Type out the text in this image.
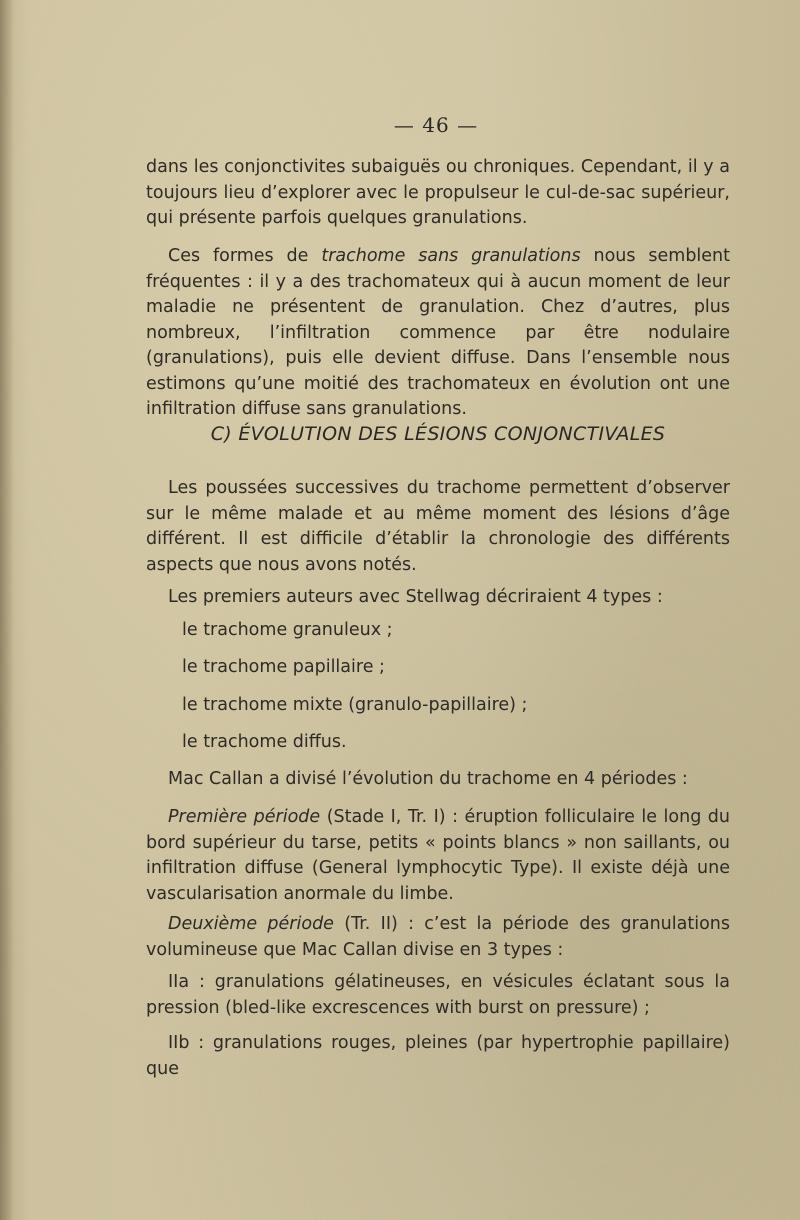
— 46 —

dans les conjonctivites subaiguës ou chroniques. Cependant, il y a toujours lieu d’explorer avec le propulseur le cul-de-sac supérieur, qui présente parfois quelques granulations.

Ces formes de trachome sans granulations nous semblent fréquentes : il y a des trachomateux qui à aucun moment de leur maladie ne présentent de granulation. Chez d’autres, plus nombreux, l’infiltration commence par être nodulaire (granulations), puis elle devient diffuse. Dans l’ensemble nous estimons qu’une moitié des trachomateux en évolution ont une infiltration diffuse sans granulations.

C) ÉVOLUTION DES LÉSIONS CONJONCTIVALES

Les poussées successives du trachome permettent d’observer sur le même malade et au même moment des lésions d’âge différent. Il est difficile d’établir la chronologie des différents aspects que nous avons notés.

Les premiers auteurs avec Stellwag décriraient 4 types :

le trachome granuleux ;
le trachome papillaire ;
le trachome mixte (granulo-papillaire) ;
le trachome diffus.

Mac Callan a divisé l’évolution du trachome en 4 périodes :

Première période (Stade I, Tr. I) : éruption folliculaire le long du bord supérieur du tarse, petits « points blancs » non saillants, ou infiltration diffuse (General lymphocytic Type). Il existe déjà une vascularisation anormale du limbe.

Deuxième période (Tr. II) : c’est la période des granulations volumineuse que Mac Callan divise en 3 types :

IIa : granulations gélatineuses, en vésicules éclatant sous la pression (bled-like excrescences with burst on pressure) ;

IIb : granulations rouges, pleines (par hypertrophie papillaire) que
